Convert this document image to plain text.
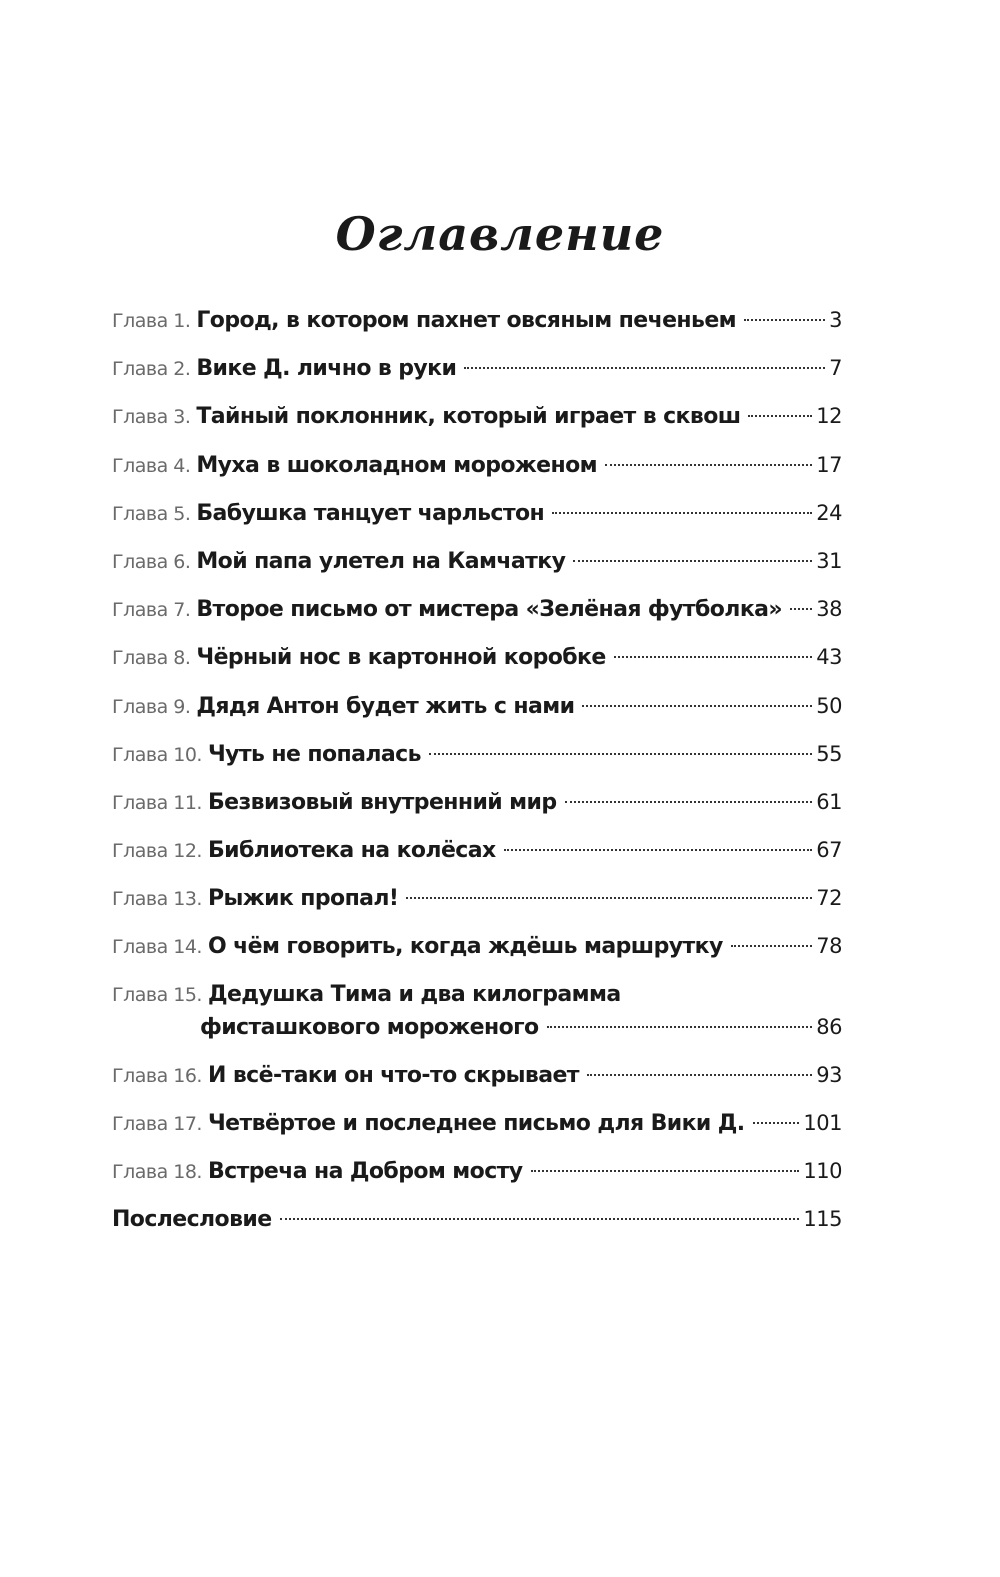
Оглавление
Глава 1. Город, в котором пахнет овсяным печеньем	3
Глава 2. Вике Д. лично в руки	7
Глава 3. Тайный поклонник, который играет в сквош	12
Глава 4. Муха в шоколадном мороженом	17
Глава 5. Бабушка танцует чарльстон	24
Глава 6. Мой папа улетел на Камчатку	31
Глава 7. Второе письмо от мистера «Зелёная футболка» 38
Глава 8. Чёрный нос в картонной коробке	43
Глава 9. Дядя Антон будет жить с нами	50
Глава 10. Чуть не попалась	55
Глава 11. Безвизовый внутренний мир	61
Глава 12. Библиотека на колёсах	67
Глава 13. Рыжик пропал!	72
Глава 14. О чём говорить, когда ждёшь маршрутку	78
Глава 15. Дедушка Тима и два килограмма
фисташкового мороженого	86
Глава 16. И всё-таки он что-то скрывает	93
Глава 17. Четвёртое и последнее письмо для Вики Д.	101
Глава 18. Встреча на Добром мосту	110
Послесловие	115
